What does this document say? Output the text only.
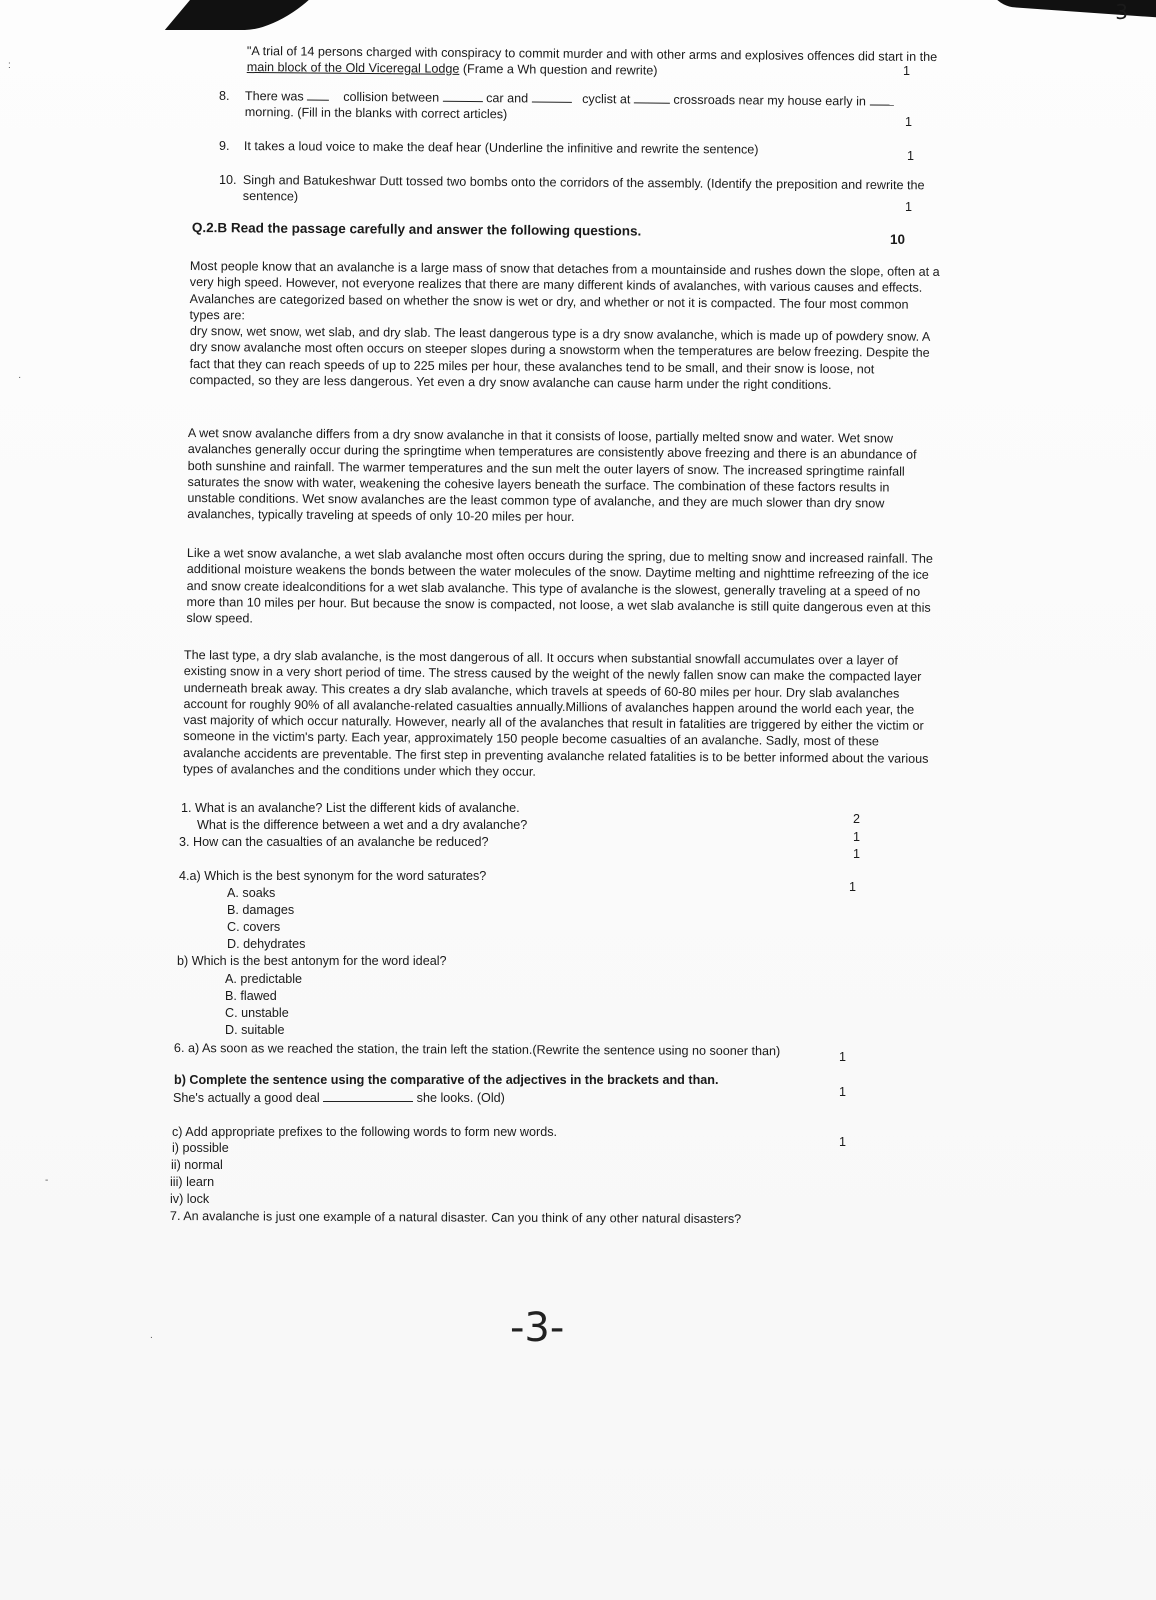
3
:
·
-
.
"A trial of 14 persons charged with conspiracy to commit murder and with other arms and explosives offences did start in the
main block of the Old Viceregal Lodge (Frame a Wh question and rewrite)	1
8. There was	collision between	car and	cyclist at	crossroads near my house early in
morning. (Fill in the blanks with correct articles)
1
9. It takes a loud voice to make the deaf hear (Underline the infinitive and rewrite the sentence)	1
10. Singh and Batukeshwar Dutt tossed two bombs onto the corridors of the assembly. (Identify the preposition and rewrite the
sentence)
1
Q.2.B Read the passage carefully and answer the following questions.
10
Most people know that an avalanche is a large mass of snow that detaches from a mountainside and rushes down the slope, often at a very high speed. However, not everyone realizes that there are many different kinds of avalanches, with various causes and effects. Avalanches are categorized based on whether the snow is wet or dry, and whether or not it is compacted. The four most common types are:
dry snow, wet snow, wet slab, and dry slab. The least dangerous type is a dry snow avalanche, which is made up of powdery snow. A dry snow avalanche most often occurs on steeper slopes during a snowstorm when the temperatures are below freezing. Despite the fact that they can reach speeds of up to 225 miles per hour, these avalanches tend to be small, and their snow is loose, not compacted, so they are less dangerous. Yet even a dry snow avalanche can cause harm under the right conditions.
A wet snow avalanche differs from a dry snow avalanche in that it consists of loose, partially melted snow and water. Wet snow avalanches generally occur during the springtime when temperatures are consistently above freezing and there is an abundance of both sunshine and rainfall. The warmer temperatures and the sun melt the outer layers of snow. The increased springtime rainfall saturates the snow with water, weakening the cohesive layers beneath the surface. The combination of these factors results in unstable conditions. Wet snow avalanches are the least common type of avalanche, and they are much slower than dry snow avalanches, typically traveling at speeds of only 10-20 miles per hour.
Like a wet snow avalanche, a wet slab avalanche most often occurs during the spring, due to melting snow and increased rainfall. The additional moisture weakens the bonds between the water molecules of the snow. Daytime melting and nighttime refreezing of the ice and snow create idealconditions for a wet slab avalanche. This type of avalanche is the slowest, generally traveling at a speed of no more than 10 miles per hour. But because the snow is compacted, not loose, a wet slab avalanche is still quite dangerous even at this slow speed.
The last type, a dry slab avalanche, is the most dangerous of all. It occurs when substantial snowfall accumulates over a layer of existing snow in a very short period of time. The stress caused by the weight of the newly fallen snow can make the compacted layer underneath break away. This creates a dry slab avalanche, which travels at speeds of 60-80 miles per hour. Dry slab avalanches account for roughly 90% of all avalanche-related casualties annually.Millions of avalanches happen around the world each year, the vast majority of which occur naturally. However, nearly all of the avalanches that result in fatalities are triggered by either the victim or someone in the victim's party. Each year, approximately 150 people become casualties of an avalanche. Sadly, most of these avalanche accidents are preventable. The first step in preventing avalanche related fatalities is to be better informed about the various types of avalanches and the conditions under which they occur.
1. What is an avalanche? List the different kids of avalanche.
2
What is the difference between a wet and a dry avalanche?
1
3. How can the casualties of an avalanche be reduced?
1
4.a) Which is the best synonym for the word saturates?
1
A. soaks
B. damages
C. covers
D. dehydrates
b) Which is the best antonym for the word ideal?
A. predictable
B. flawed
C. unstable
D. suitable
6. a) As soon as we reached the station, the train left the station.(Rewrite the sentence using no sooner than)	1
b) Complete the sentence using the comparative of the adjectives in the brackets and than.
1
She's actually a good deal	she looks. (Old)
c) Add appropriate prefixes to the following words to form new words.
1
i) possible
ii) normal
iii) learn
iv) lock
7. An avalanche is just one example of a natural disaster. Can you think of any other natural disasters?
-3-
